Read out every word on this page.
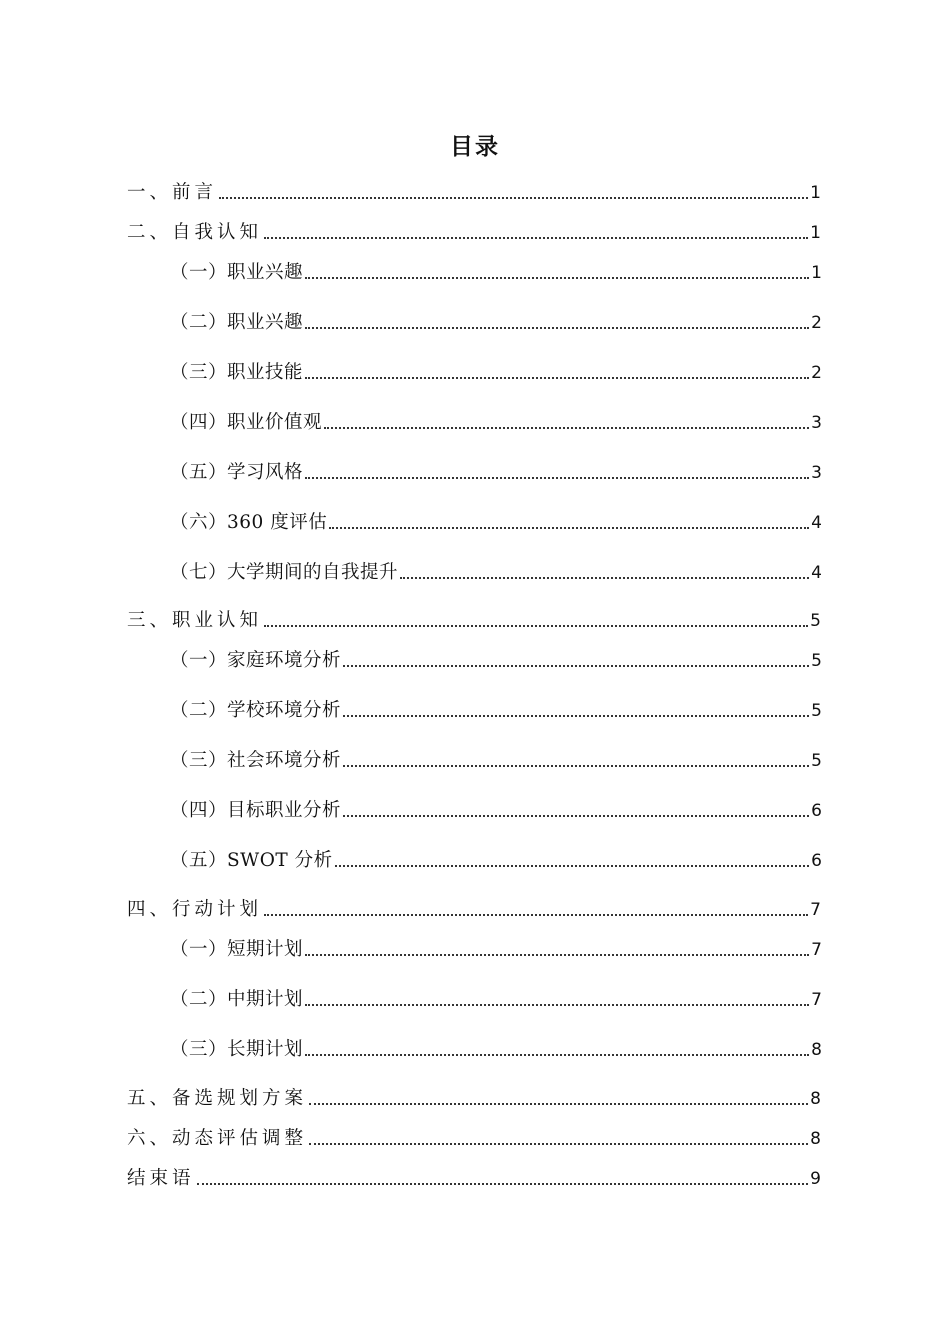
目录
一、前言	1
二、自我认知	1
（一）职业兴趣	1
（二）职业兴趣	2
（三）职业技能	2
（四）职业价值观	3
（五）学习风格	3
（六）360 度评估	4
（七）大学期间的自我提升	4
三、职业认知	5
（一）家庭环境分析	5
（二）学校环境分析	5
（三）社会环境分析	5
（四）目标职业分析	6
（五）SWOT 分析	6
四、行动计划	7
（一）短期计划	7
（二）中期计划	7
（三）长期计划	8
五、备选规划方案	8
六、动态评估调整	8
结束语	9
